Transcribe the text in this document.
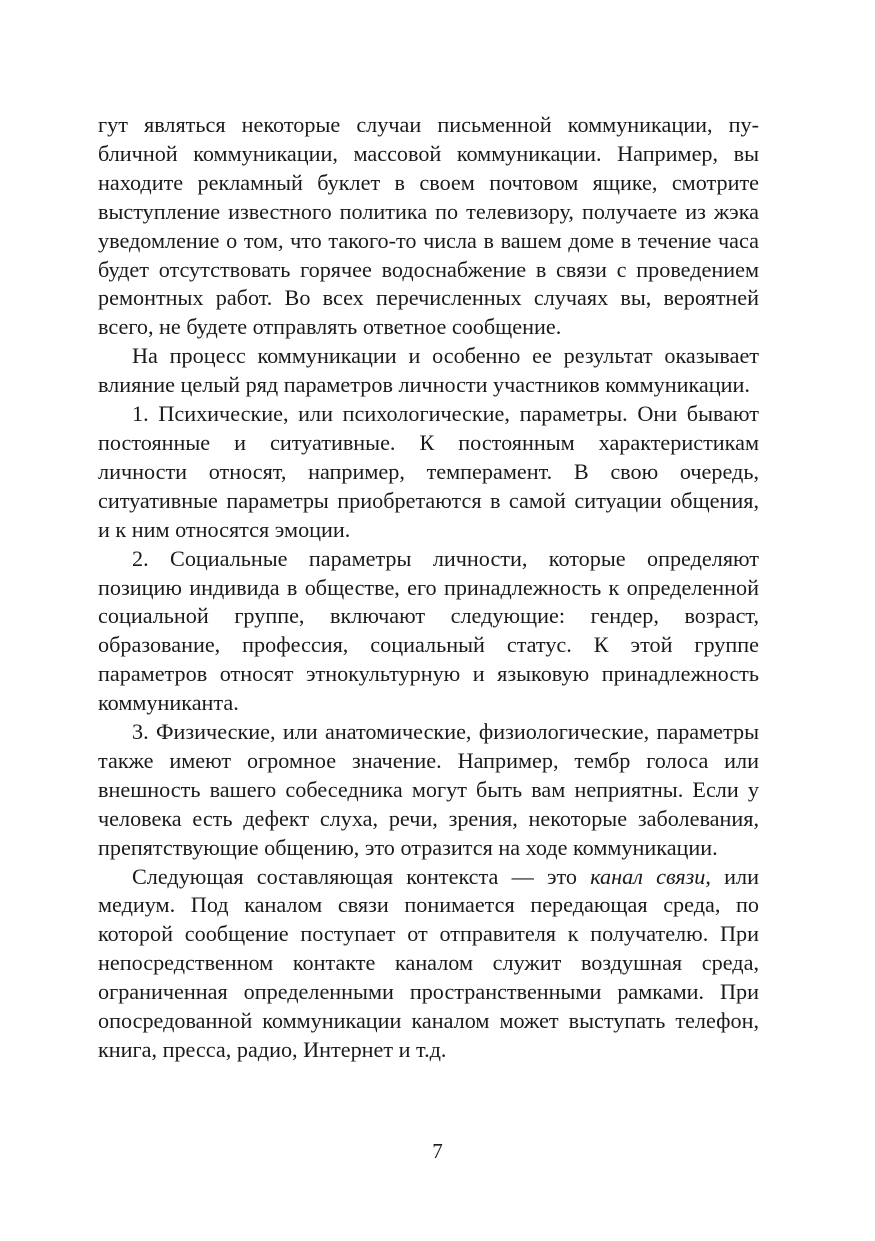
гут являться некоторые случаи письменной коммуникации, публичной коммуникации, массовой коммуникации. Например, вы находите рекламный буклет в своем почтовом ящике, смотрите выступление известного политика по телевизору, получаете из жэка уведомление о том, что такого-то числа в вашем доме в течение часа будет отсутствовать горячее водоснабжение в связи с проведением ремонтных работ. Во всех перечисленных случаях вы, вероятней всего, не будете отправлять ответное сообщение.

На процесс коммуникации и особенно ее результат оказывает влияние целый ряд параметров личности участников коммуникации.

1. Психические, или психологические, параметры. Они бывают постоянные и ситуативные. К постоянным характеристикам личности относят, например, темперамент. В свою очередь, ситуативные параметры приобретаются в самой ситуации общения, и к ним относятся эмоции.

2. Социальные параметры личности, которые определяют позицию индивида в обществе, его принадлежность к определенной социальной группе, включают следующие: гендер, возраст, образование, профессия, социальный статус. К этой группе параметров относят этнокультурную и языковую принадлежность коммуниканта.

3. Физические, или анатомические, физиологические, параметры также имеют огромное значение. Например, тембр голоса или внешность вашего собеседника могут быть вам неприятны. Если у человека есть дефект слуха, речи, зрения, некоторые заболевания, препятствующие общению, это отразится на ходе коммуникации.

Следующая составляющая контекста — это канал связи, или медиум. Под каналом связи понимается передающая среда, по которой сообщение поступает от отправителя к получателю. При непосредственном контакте каналом служит воздушная среда, ограниченная определенными пространственными рамками. При опосредованной коммуникации каналом может выступать телефон, книга, пресса, радио, Интернет и т.д.

7
